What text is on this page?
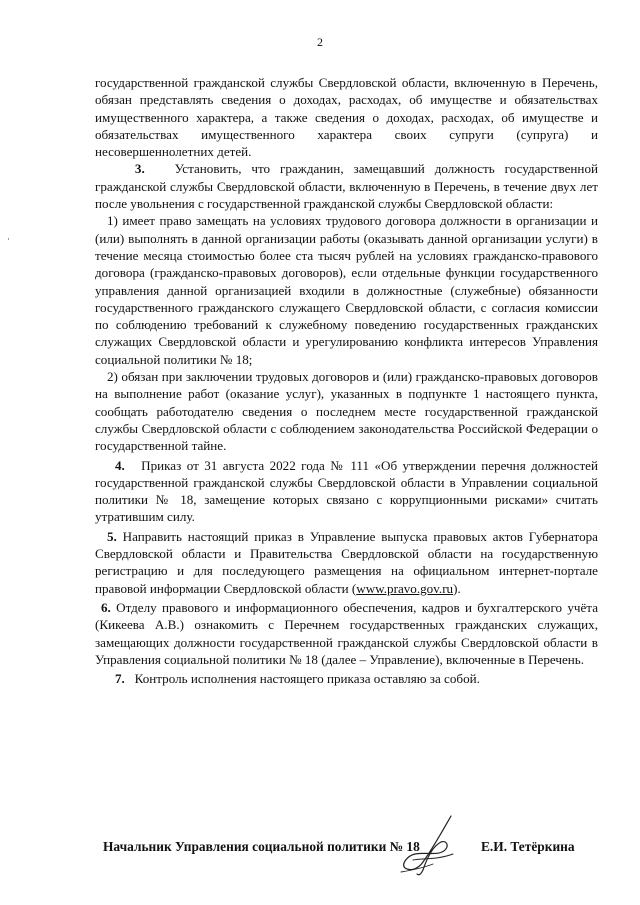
2

государственной гражданской службы Свердловской области, включенную в Перечень, обязан представлять сведения о доходах, расходах, об имуществе и обязательствах имущественного характера, а также сведения о доходах, расходах, об имуществе и обязательствах имущественного характера своих супруги (супруга) и несовершеннолетних детей.

3. Установить, что гражданин, замещавший должность государственной гражданской службы Свердловской области, включенную в Перечень, в течение двух лет после увольнения с государственной гражданской службы Свердловской области:

1) имеет право замещать на условиях трудового договора должности в организации и (или) выполнять в данной организации работы (оказывать данной организации услуги) в течение месяца стоимостью более ста тысяч рублей на условиях гражданско-правового договора (гражданско-правовых договоров), если отдельные функции государственного управления данной организацией входили в должностные (служебные) обязанности государственного гражданского служащего Свердловской области, с согласия комиссии по соблюдению требований к служебному поведению государственных гражданских служащих Свердловской области и урегулированию конфликта интересов Управления социальной политики № 18;

2) обязан при заключении трудовых договоров и (или) гражданско-правовых договоров на выполнение работ (оказание услуг), указанных в подпункте 1 настоящего пункта, сообщать работодателю сведения о последнем месте государственной гражданской службы Свердловской области с соблюдением законодательства Российской Федерации о государственной тайне.

4. Приказ от 31 августа 2022 года № 111 «Об утверждении перечня должностей государственной гражданской службы Свердловской области в Управлении социальной политики № 18, замещение которых связано с коррупционными рисками» считать утратившим силу.

5. Направить настоящий приказ в Управление выпуска правовых актов Губернатора Свердловской области и Правительства Свердловской области на государственную регистрацию и для последующего размещения на официальном интернет-портале правовой информации Свердловской области (www.pravo.gov.ru).

6. Отделу правового и информационного обеспечения, кадров и бухгалтерского учёта (Кикеева А.В.) ознакомить с Перечнем государственных гражданских служащих, замещающих должности государственной гражданской службы Свердловской области в Управления социальной политики № 18 (далее – Управление), включенные в Перечень.

7. Контроль исполнения настоящего приказа оставляю за собой.

Начальник Управления социальной политики № 18	Е.И. Тетёркина
